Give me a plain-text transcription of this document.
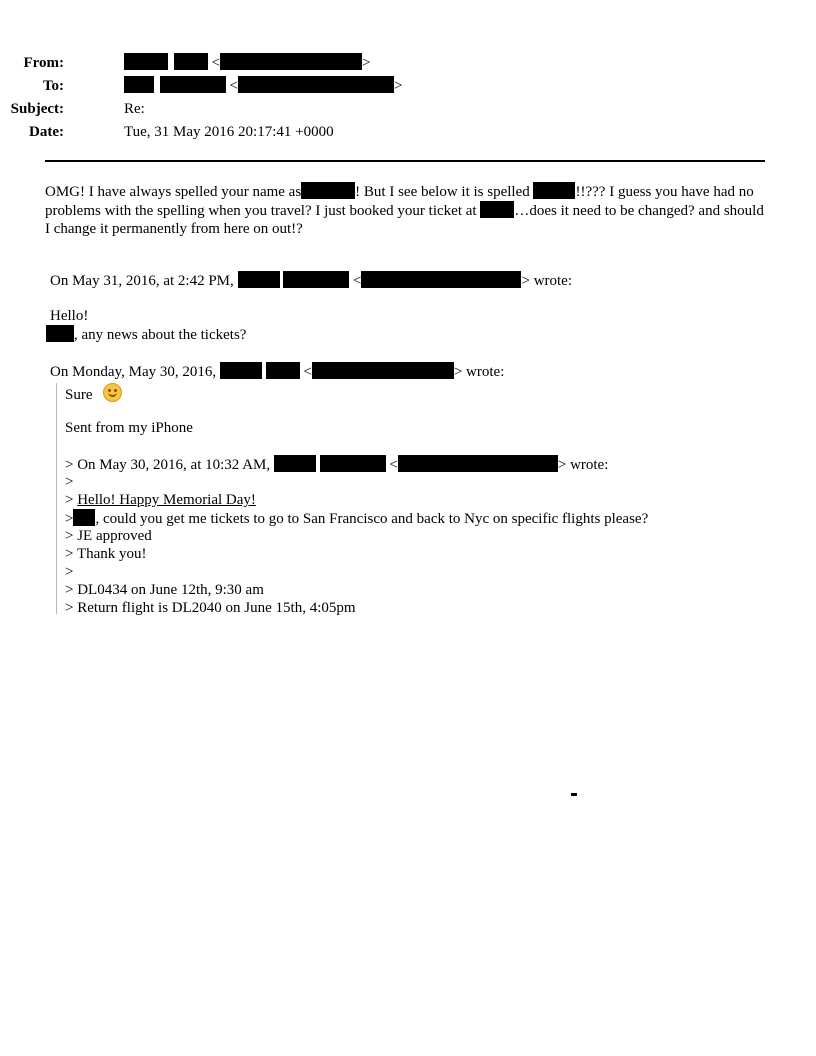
From:	<	>
To:	<	>
Subject:	Re:
Date:	Tue, 31 May 2016 20:17:41 +0000
OMG! I have always spelled your name as	! But I see below it is spelled	!!??? I guess you have had no problems with the spelling when you travel? I just booked your ticket at	…does it need to be changed? and should I change it permanently from here on out!?
On May 31, 2016, at 2:42 PM,	<	> wrote:
Hello!
, any news about the tickets?
On Monday, May 30, 2016,	<	> wrote:
Sure
Sent from my iPhone
> On May 30, 2016, at 10:32 AM,	<	> wrote:
>
> Hello! Happy Memorial Day!
> , could you get me tickets to go to San Francisco and back to Nyc on specific flights please?
> JE approved
> Thank you!
>
> DL0434 on June 12th, 9:30 am
> Return flight is DL2040 on June 15th, 4:05pm
